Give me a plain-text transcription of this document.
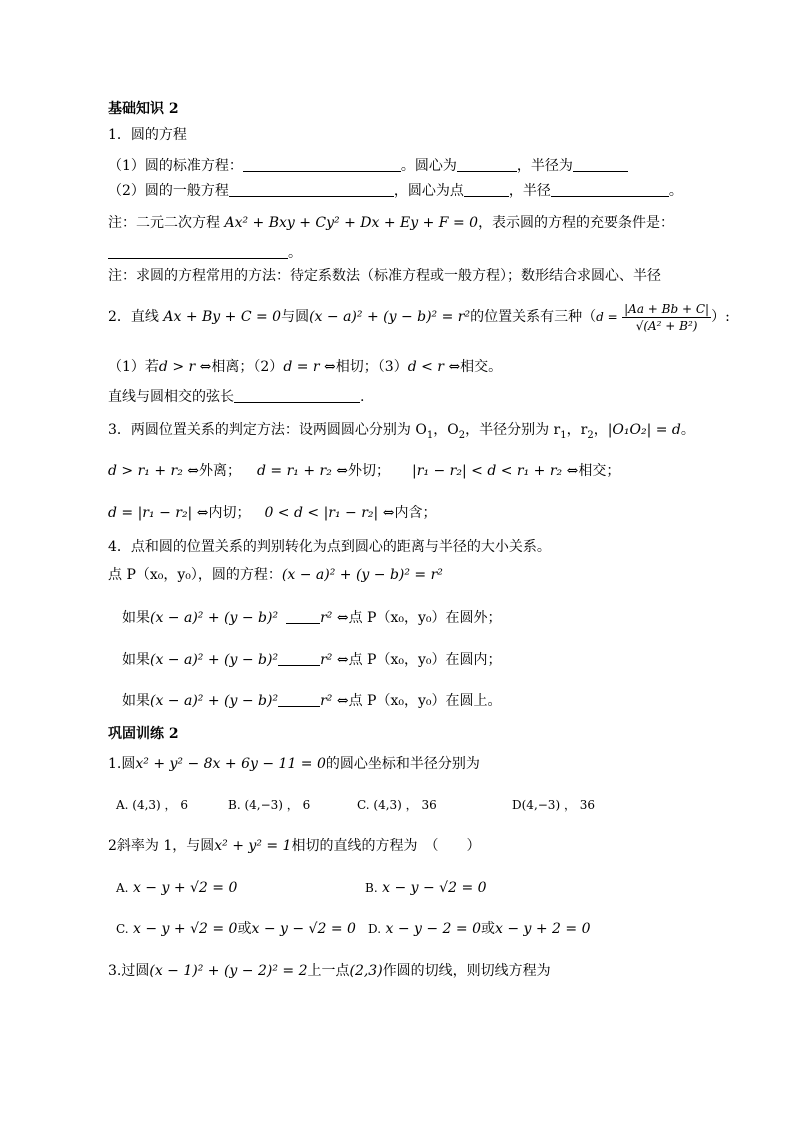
基础知识 2
1．圆的方程
（1）圆的标准方程：	。圆心为	，半径为
（2）圆的一般方程	，圆心为点	，半径	。
注：二元二次方程 Ax² + Bxy + Cy² + Dx + Ey + F = 0，表示圆的方程的充要条件是：
。
注：求圆的方程常用的方法：待定系数法（标准方程或一般方程）；数形结合求圆心、半径
2．直线 Ax + By + C = 0与圆(x − a)² + (y − b)² = r²的位置关系有三种（$d = \frac{|Aa + Bb + C|}{\text{√(A² + B²)}}$ ）:
（1）若d > r ⇔相离；（2）d = r ⇔相切；（3）d < r ⇔相交。
直线与圆相交的弦长	.
3．两圆位置关系的判定方法：设两圆圆心分别为 $O_1$，$O_2$，半径分别为 $r_1$，$r_2$，|O₁O₂| = d。
d > r₁ + r₂ ⇔外离； d = r₁ + r₂ ⇔外切； |r₁ − r₂| < d < r₁ + r₂ ⇔相交；
d = |r₁ − r₂| ⇔内切； 0 < d < |r₁ − r₂| ⇔内含；
4．点和圆的位置关系的判别转化为点到圆心的距离与半径的大小关系。
点 P（x₀，y₀），圆的方程：(x − a)² + (y − b)² = r²
如果(x − a)² + (y − b)²	r² ⇔点 P（x₀，y₀）在圆外；
如果(x − a)² + (y − b)²	r² ⇔点 P（x₀，y₀）在圆内；
如果(x − a)² + (y − b)²	r² ⇔点 P（x₀，y₀）在圆上。
巩固训练 2
1.圆x² + y² − 8x + 6y − 11 = 0的圆心坐标和半径分别为
A. (4,3) ， 6	B. (4,−3) ， 6	C. (4,3) ， 36	D(4,−3) ， 36
2斜率为 1，与圆x² + y² = 1相切的直线的方程为　（　　）
A. x − y + √2 = 0	B. x − y − √2 = 0
C. x − y + √2 = 0或x − y − √2 = 0 D. x − y − 2 = 0或x − y + 2 = 0
3.过圆(x − 1)² + (y − 2)² = 2上一点(2,3)作圆的切线，则切线方程为
